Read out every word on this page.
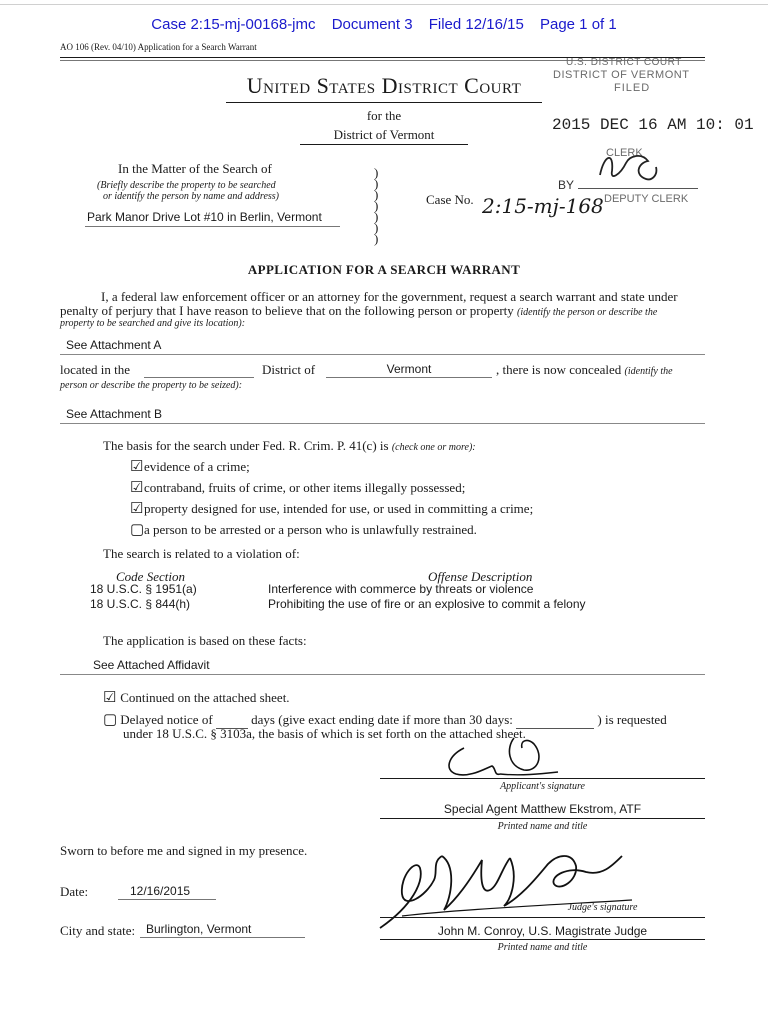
Case 2:15-mj-00168-jmc Document 3 Filed 12/16/15 Page 1 of 1
AO 106 (Rev. 04/10) Application for a Search Warrant
United States District Court
for the
District of Vermont
U.S. DISTRICT COURT
DISTRICT OF VERMONT
FILED
2015 DEC 16 AM 10: 01
CLERK
BY
DEPUTY CLERK
In the Matter of the Search of
(Briefly describe the property to be searched
or identify the person by name and address)
Park Manor Drive Lot #10 in Berlin, Vermont
)
)
)
)
)
)
)
Case No. 2:15-mj-168
APPLICATION FOR A SEARCH WARRANT
I, a federal law enforcement officer or an attorney for the government, request a search warrant and state under
penalty of perjury that I have reason to believe that on the following person or property (identify the person or describe the
property to be searched and give its location):
See Attachment A
located in the	District of	Vermont	, there is now concealed (identify the
person or describe the property to be seized):
See Attachment B
The basis for the search under Fed. R. Crim. P. 41(c) is (check one or more):
☑evidence of a crime;
☑contraband, fruits of crime, or other items illegally possessed;
☑property designed for use, intended for use, or used in committing a crime;
▢a person to be arrested or a person who is unlawfully restrained.
The search is related to a violation of:
Code Section	Offense Description
18 U.S.C. § 1951(a)	Interference with commerce by threats or violence
18 U.S.C. § 844(h)	Prohibiting the use of fire or an explosive to commit a felony
The application is based on these facts:
See Attached Affidavit
☑ Continued on the attached sheet.
▢ Delayed notice of	days (give exact ending date if more than 30 days:	) is requested
under 18 U.S.C. § 3103a, the basis of which is set forth on the attached sheet.
Applicant's signature
Special Agent Matthew Ekstrom, ATF
Printed name and title
Sworn to before me and signed in my presence.
Date:	12/16/2015
City and state: Burlington, Vermont
Judge's signature
John M. Conroy, U.S. Magistrate Judge
Printed name and title
